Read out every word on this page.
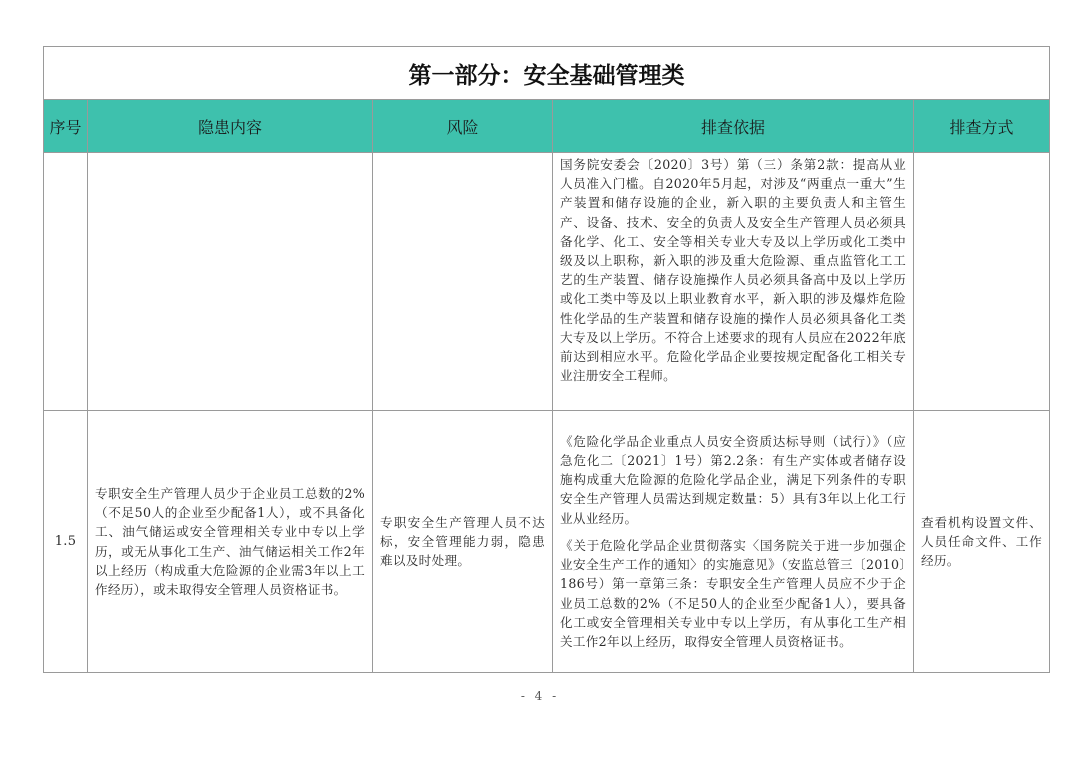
第一部分：安全基础管理类				
序号	隐患内容	风险	排查依据	排查方式

			国务院安委会〔2020〕3号）第（三）条第2款：提高从业人员准入门槛。自2020年5月起，对涉及“两重点一重大”生产装置和储存设施的企业，新入职的主要负责人和主管生产、设备、技术、安全的负责人及安全生产管理人员必须具备化学、化工、安全等相关专业大专及以上学历或化工类中级及以上职称，新入职的涉及重大危险源、重点监管化工工艺的生产装置、储存设施操作人员必须具备高中及以上学历或化工类中等及以上职业教育水平，新入职的涉及爆炸危险性化学品的生产装置和储存设施的操作人员必须具备化工类大专及以上学历。不符合上述要求的现有人员应在2022年底前达到相应水平。危险化学品企业要按规定配备化工相关专业注册安全工程师。	

1.5	专职安全生产管理人员少于企业员工总数的2%（不足50人的企业至少配备1人），或不具备化工、油气储运或安全管理相关专业中专以上学历，或无从事化工生产、油气储运相关工作2年以上经历（构成重大危险源的企业需3年以上工作经历），或未取得安全管理人员资格证书。	专职安全生产管理人员不达标，安全管理能力弱，隐患难以及时处理。	《危险化学品企业重点人员安全资质达标导则（试行）》（应急危化二〔2021〕1号）第2.2条：有生产实体或者储存设施构成重大危险源的危险化学品企业，满足下列条件的专职安全生产管理人员需达到规定数量：5）具有3年以上化工行业从业经历。

《关于危险化学品企业贯彻落实〈国务院关于进一步加强企业安全生产工作的通知〉的实施意见》（安监总管三〔2010〕186号）第一章第三条：专职安全生产管理人员应不少于企业员工总数的2%（不足50人的企业至少配备1人），要具备化工或安全管理相关专业中专以上学历，有从事化工生产相关工作2年以上经历，取得安全管理人员资格证书。	查看机构设置文件、人员任命文件、工作经历。
- 4 -
